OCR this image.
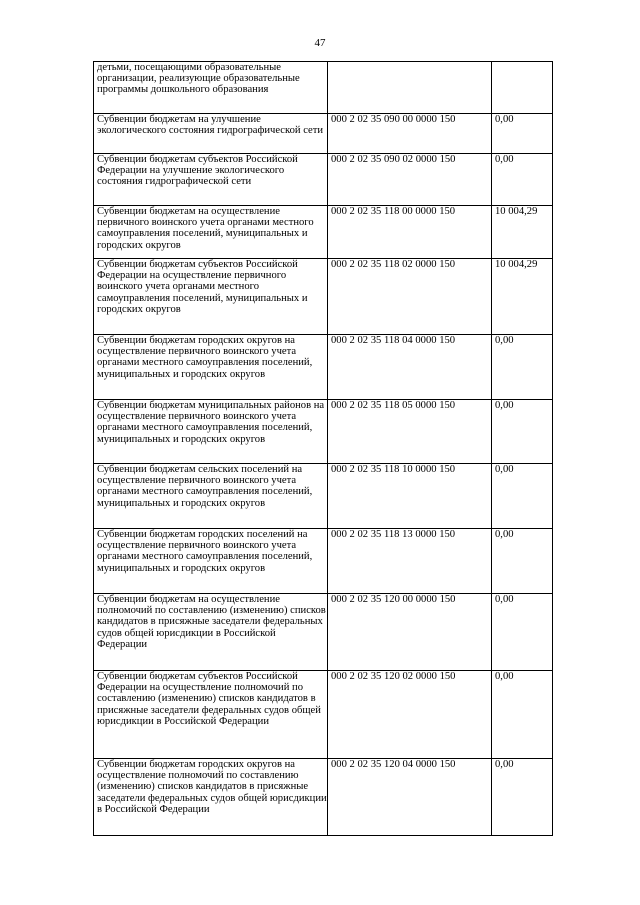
47
детьми, посещающими образовательные организации, реализующие образовательные программы дошкольного образования		
Субвенции бюджетам на улучшение экологического состояния гидрографической сети	000 2 02 35 090 00 0000 150	0,00
Субвенции бюджетам субъектов Российской Федерации на улучшение экологического состояния гидрографической сети	000 2 02 35 090 02 0000 150	0,00
Субвенции бюджетам на осуществление первичного воинского учета органами местного самоуправления поселений, муниципальных и городских округов	000 2 02 35 118 00 0000 150	10 004,29
Субвенции бюджетам субъектов Российской Федерации на осуществление первичного воинского учета органами местного самоуправления поселений, муниципальных и городских округов	000 2 02 35 118 02 0000 150	10 004,29
Субвенции бюджетам городских округов на осуществление первичного воинского учета органами местного самоуправления поселений, муниципальных и городских округов	000 2 02 35 118 04 0000 150	0,00
Субвенции бюджетам муниципальных районов на осуществление первичного воинского учета органами местного самоуправления поселений, муниципальных и городских округов	000 2 02 35 118 05 0000 150	0,00
Субвенции бюджетам сельских поселений на осуществление первичного воинского учета органами местного самоуправления поселений, муниципальных и городских округов	000 2 02 35 118 10 0000 150	0,00
Субвенции бюджетам городских поселений на осуществление первичного воинского учета органами местного самоуправления поселений, муниципальных и городских округов	000 2 02 35 118 13 0000 150	0,00
Субвенции бюджетам на осуществление полномочий по составлению (изменению) списков кандидатов в присяжные заседатели федеральных судов общей юрисдикции в Российской Федерации	000 2 02 35 120 00 0000 150	0,00
Субвенции бюджетам субъектов Российской Федерации на осуществление полномочий по составлению (изменению) списков кандидатов в присяжные заседатели федеральных судов общей юрисдикции в Российской Федерации	000 2 02 35 120 02 0000 150	0,00
Субвенции бюджетам городских округов на осуществление полномочий по составлению (изменению) списков кандидатов в присяжные заседатели федеральных судов общей юрисдикции в Российской Федерации	000 2 02 35 120 04 0000 150	0,00
